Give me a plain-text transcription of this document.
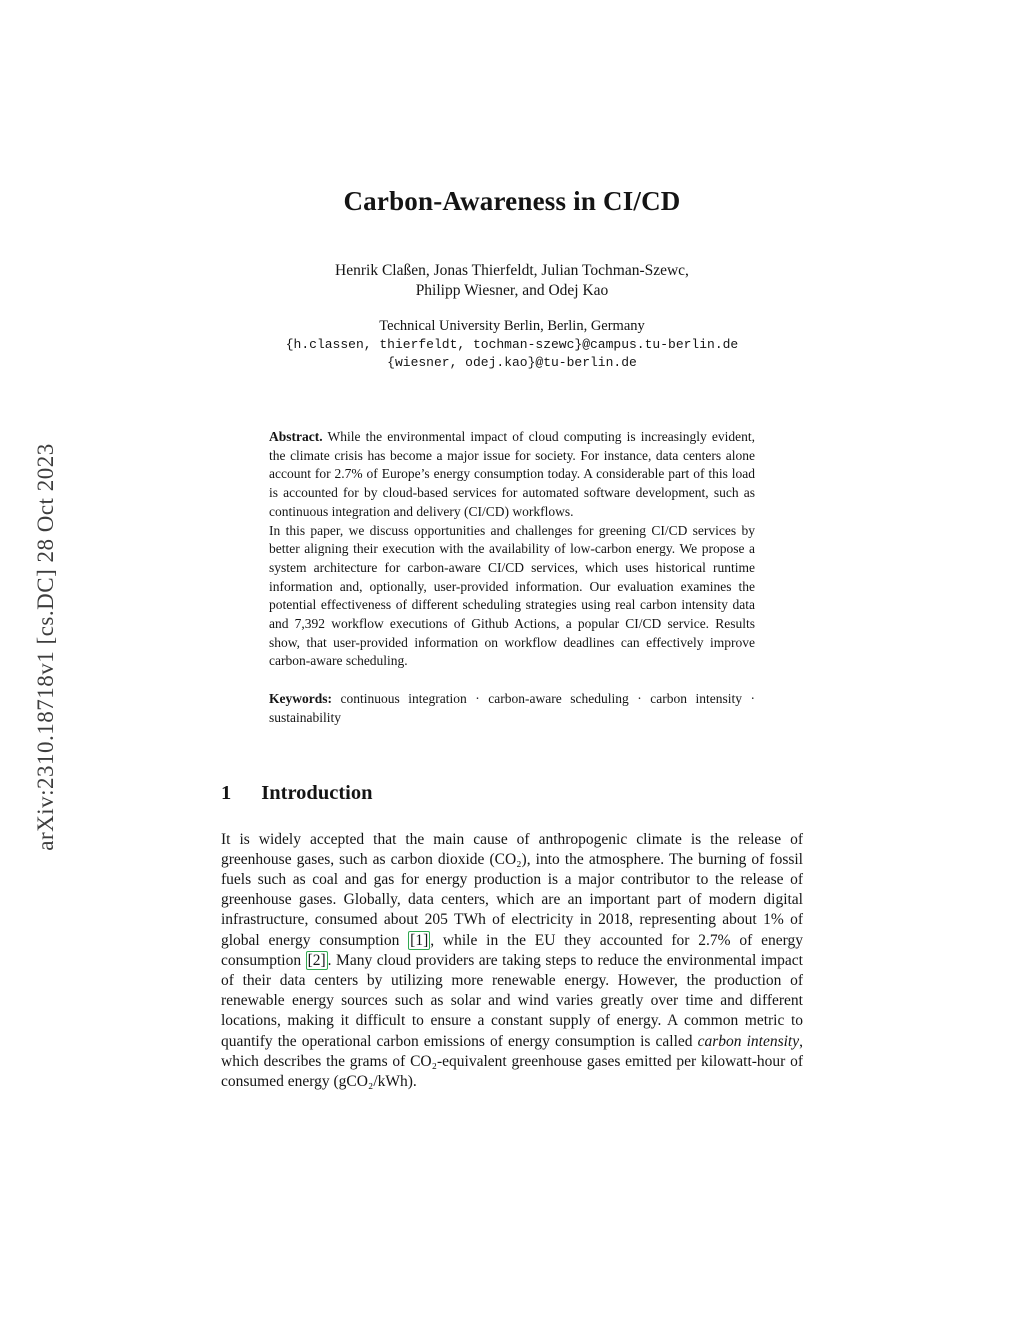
arXiv:2310.18718v1 [cs.DC] 28 Oct 2023
Carbon-Awareness in CI/CD
Henrik Claßen, Jonas Thierfeldt, Julian Tochman-Szewc,
Philipp Wiesner, and Odej Kao
Technical University Berlin, Berlin, Germany
{h.classen, thierfeldt, tochman-szewc}@campus.tu-berlin.de
{wiesner, odej.kao}@tu-berlin.de

Abstract. While the environmental impact of cloud computing is increasingly evident, the climate crisis has become a major issue for society. For instance, data centers alone account for 2.7% of Europe’s energy consumption today. A considerable part of this load is accounted for by cloud-based services for automated software development, such as continuous integration and delivery (CI/CD) workflows.

In this paper, we discuss opportunities and challenges for greening CI/CD services by better aligning their execution with the availability of low-carbon energy. We propose a system architecture for carbon-aware CI/CD services, which uses historical runtime information and, optionally, user-provided information. Our evaluation examines the potential effectiveness of different scheduling strategies using real carbon intensity data and 7,392 workflow executions of Github Actions, a popular CI/CD service. Results show, that user-provided information on workflow deadlines can effectively improve carbon-aware scheduling.

Keywords: continuous integration · carbon-aware scheduling · carbon intensity · sustainability
1 Introduction

It is widely accepted that the main cause of anthropogenic climate is the release of greenhouse gases, such as carbon dioxide (CO₂), into the atmosphere. The burning of fossil fuels such as coal and gas for energy production is a major contributor to the release of greenhouse gases. Globally, data centers, which are an important part of modern digital infrastructure, consumed about 205 TWh of electricity in 2018, representing about 1% of global energy consumption [1] , while in the EU they accounted for 2.7% of energy consumption [2] . Many cloud providers are taking steps to reduce the environmental impact of their data centers by utilizing more renewable energy. However, the production of renewable energy sources such as solar and wind varies greatly over time and different locations, making it difficult to ensure a constant supply of energy. A common metric to quantify the operational carbon emissions of energy consumption is called carbon intensity, which describes the grams of CO₂-equivalent greenhouse gases emitted per kilowatt-hour of consumed energy (gCO₂/kWh).
